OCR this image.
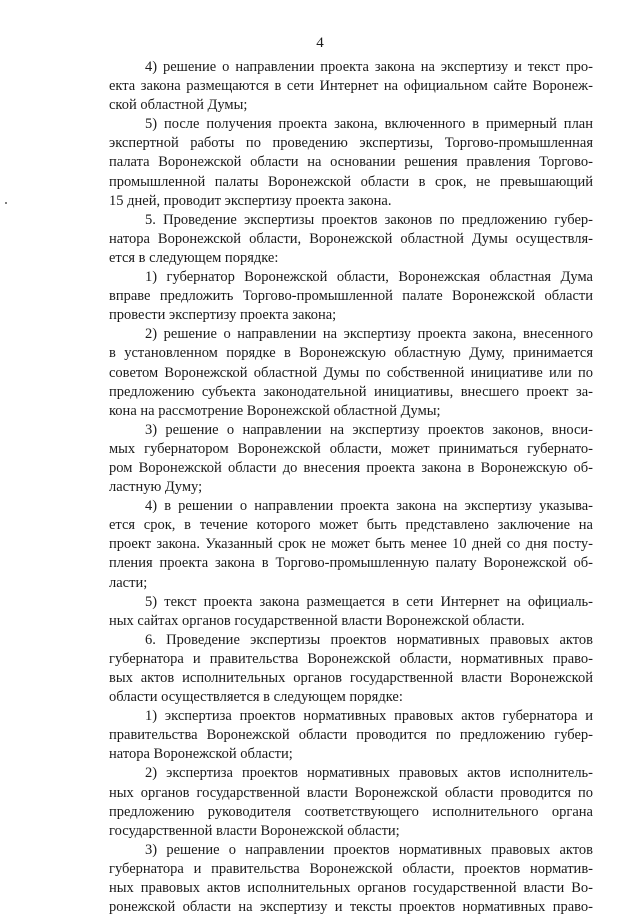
4
4) решение о направлении проекта закона на экспертизу и текст про-
екта закона размещаются в сети Интернет на официальном сайте Воронеж-
ской областной Думы;
5) после получения проекта закона, включенного в примерный план
экспертной работы по проведению экспертизы, Торгово-промышленная
палата Воронежской области на основании решения правления Торгово-
промышленной палаты Воронежской области в срок, не превышающий
15 дней, проводит экспертизу проекта закона.
5. Проведение экспертизы проектов законов по предложению губер-
натора Воронежской области, Воронежской областной Думы осуществля-
ется в следующем порядке:
1) губернатор Воронежской области, Воронежская областная Дума
вправе предложить Торгово-промышленной палате Воронежской области
провести экспертизу проекта закона;
2) решение о направлении на экспертизу проекта закона, внесенного
в установленном порядке в Воронежскую областную Думу, принимается
советом Воронежской областной Думы по собственной инициативе или по
предложению субъекта законодательной инициативы, внесшего проект за-
кона на рассмотрение Воронежской областной Думы;
3) решение о направлении на экспертизу проектов законов, вноси-
мых губернатором Воронежской области, может приниматься губернато-
ром Воронежской области до внесения проекта закона в Воронежскую об-
ластную Думу;
4) в решении о направлении проекта закона на экспертизу указыва-
ется срок, в течение которого может быть представлено заключение на
проект закона. Указанный срок не может быть менее 10 дней со дня посту-
пления проекта закона в Торгово-промышленную палату Воронежской об-
ласти;
5) текст проекта закона размещается в сети Интернет на официаль-
ных сайтах органов государственной власти Воронежской области.
6. Проведение экспертизы проектов нормативных правовых актов
губернатора и правительства Воронежской области, нормативных право-
вых актов исполнительных органов государственной власти Воронежской
области осуществляется в следующем порядке:
1) экспертиза проектов нормативных правовых актов губернатора и
правительства Воронежской области проводится по предложению губер-
натора Воронежской области;
2) экспертиза проектов нормативных правовых актов исполнитель-
ных органов государственной власти Воронежской области проводится по
предложению руководителя соответствующего исполнительного органа
государственной власти Воронежской области;
3) решение о направлении проектов нормативных правовых актов
губернатора и правительства Воронежской области, проектов норматив-
ных правовых актов исполнительных органов государственной власти Во-
ронежской области на экспертизу и тексты проектов нормативных право-
